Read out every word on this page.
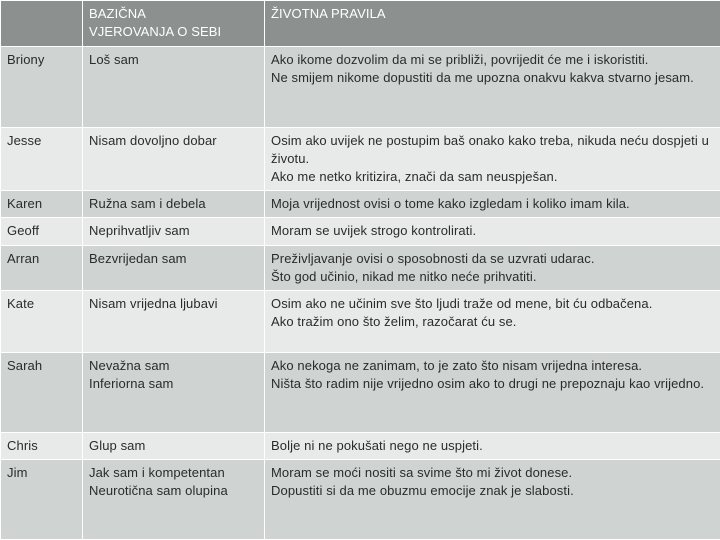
	BAZIČNA
VJEROVANJA O SEBI	ŽIVOTNA PRAVILA
Briony	Loš sam	Ako ikome dozvolim da mi se približi, povrijedit će me i iskoristiti.
Ne smijem nikome dopustiti da me upozna onakvu kakva stvarno jesam.
Jesse	Nisam dovoljno dobar	Osim ako uvijek ne postupim baš onako kako treba, nikuda neću dospjeti u životu.
Ako me netko kritizira, znači da sam neuspješan.
Karen	Ružna sam i debela	Moja vrijednost ovisi o tome kako izgledam i koliko imam kila.
Geoff	Neprihvatljiv sam	Moram se uvijek strogo kontrolirati.
Arran	Bezvrijedan sam	Preživljavanje ovisi o sposobnosti da se uzvrati udarac.
Što god učinio, nikad me nitko neće prihvatiti.
Kate	Nisam vrijedna ljubavi	Osim ako ne učinim sve što ljudi traže od mene, bit ću odbačena.
Ako tražim ono što želim, razočarat ću se.
Sarah	Nevažna sam
Inferiorna sam	Ako nekoga ne zanimam, to je zato što nisam vrijedna interesa.
Ništa što radim nije vrijedno osim ako to drugi ne prepoznaju kao vrijedno.
Chris	Glup sam	Bolje ni ne pokušati nego ne uspjeti.
Jim	Jak sam i kompetentan
Neurotična sam olupina	Moram se moći nositi sa svime što mi život donese.
Dopustiti si da me obuzmu emocije znak je slabosti.
